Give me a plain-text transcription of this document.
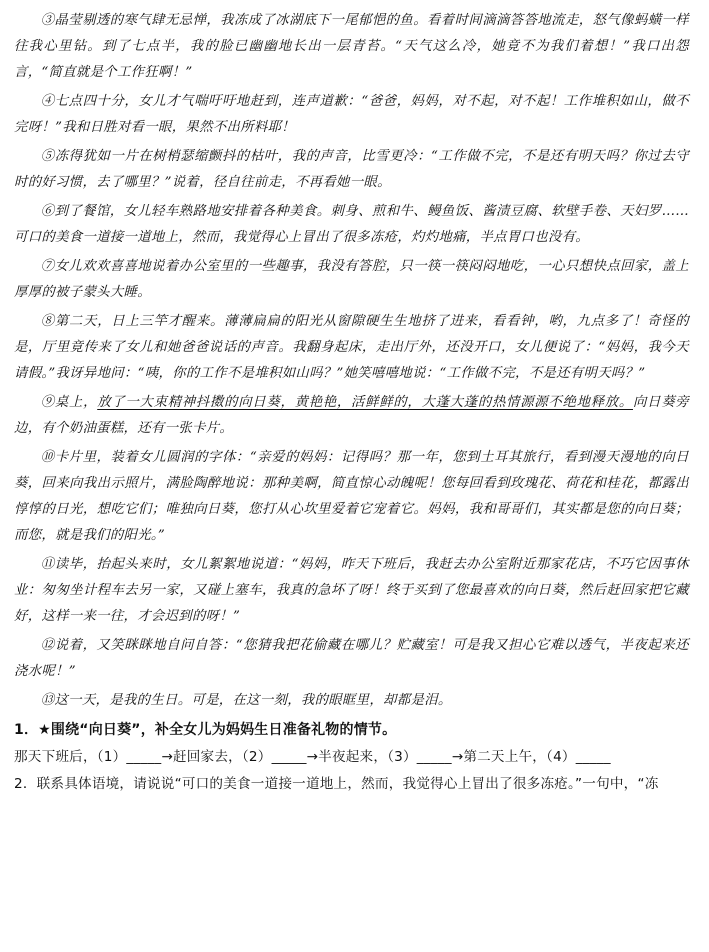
③晶莹剔透的寒气肆无忌惮，我冻成了冰湖底下一尾郁悒的鱼。看着时间滴滴答答地流走，怒气像蚂蟥一样往我心里钻。到了七点半，我的脸已幽幽地长出一层青苔。“天气这么冷，她竟不为我们着想！”我口出怨言，“简直就是个工作狂啊！”

④七点四十分，女儿才气喘吁吁地赶到，连声道歉：“爸爸，妈妈，对不起，对不起！工作堆积如山，做不完呀！”我和日胜对看一眼，果然不出所料耶！

⑤冻得犹如一片在树梢瑟缩颤抖的枯叶，我的声音，比雪更冷：“工作做不完，不是还有明天吗？你过去守时的好习惯，去了哪里？”说着，径自往前走，不再看她一眼。

⑥到了餐馆，女儿轻车熟路地安排着各种美食。刺身、煎和牛、鳗鱼饭、酱渍豆腐、软壁手卷、天妇罗……可口的美食一道接一道地上，然而，我觉得心上冒出了很多冻疮，灼灼地痛，半点胃口也没有。

⑦女儿欢欢喜喜地说着办公室里的一些趣事，我没有答腔，只一筷一筷闷闷地吃，一心只想快点回家，盖上厚厚的被子蒙头大睡。

⑧第二天，日上三竿才醒来。薄薄扁扁的阳光从窗隙硬生生地挤了进来，看看钟，哟，九点多了！奇怪的是，厅里竟传来了女儿和她爸爸说话的声音。我翻身起床，走出厅外，还没开口，女儿便说了：“妈妈，我今天请假。”我讶异地问：“咦，你的工作不是堆积如山吗？”她笑嘻嘻地说：“工作做不完，不是还有明天吗？”

⑨桌上，放了一大束精神抖擞的向日葵，黄艳艳，活鲜鲜的，大蓬大蓬的热情源源不绝地释放。向日葵旁边，有个奶油蛋糕，还有一张卡片。

⑩卡片里，装着女儿圆润的字体：“亲爱的妈妈：记得吗？那一年，您到土耳其旅行，看到漫天漫地的向日葵，回来向我出示照片，满脸陶醉地说：那种美啊，简直惊心动魄呢！您每回看到玫瑰花、荷花和桂花，都露出惇惇的日光，想吃它们；唯独向日葵，您打从心坎里爱着它宠着它。妈妈，我和哥哥们，其实都是您的向日葵；而您，就是我们的阳光。”

⑪读毕，抬起头来时，女儿絮絮地说道：“妈妈，昨天下班后，我赶去办公室附近那家花店，不巧它因事休业：匆匆坐计程车去另一家，又碰上塞车，我真的急坏了呀！终于买到了您最喜欢的向日葵，然后赶回家把它藏好，这样一来一往，才会迟到的呀！”

⑫说着，又笑眯眯地自问自答：“您猜我把花偷藏在哪儿？贮藏室！可是我又担心它难以透气，半夜起来还浇水呢！”

⑬这一天，是我的生日。可是，在这一刻，我的眼眶里，却都是泪。

1．★围绕“向日葵”，补全女儿为妈妈生日准备礼物的情节。

那天下班后，（1）_____→赶回家去，（2）_____→半夜起来，（3）_____→第二天上午，（4）_____

2．联系具体语境，请说说“可口的美食一道接一道地上，然而，我觉得心上冒出了很多冻疮。”一句中，“冻
